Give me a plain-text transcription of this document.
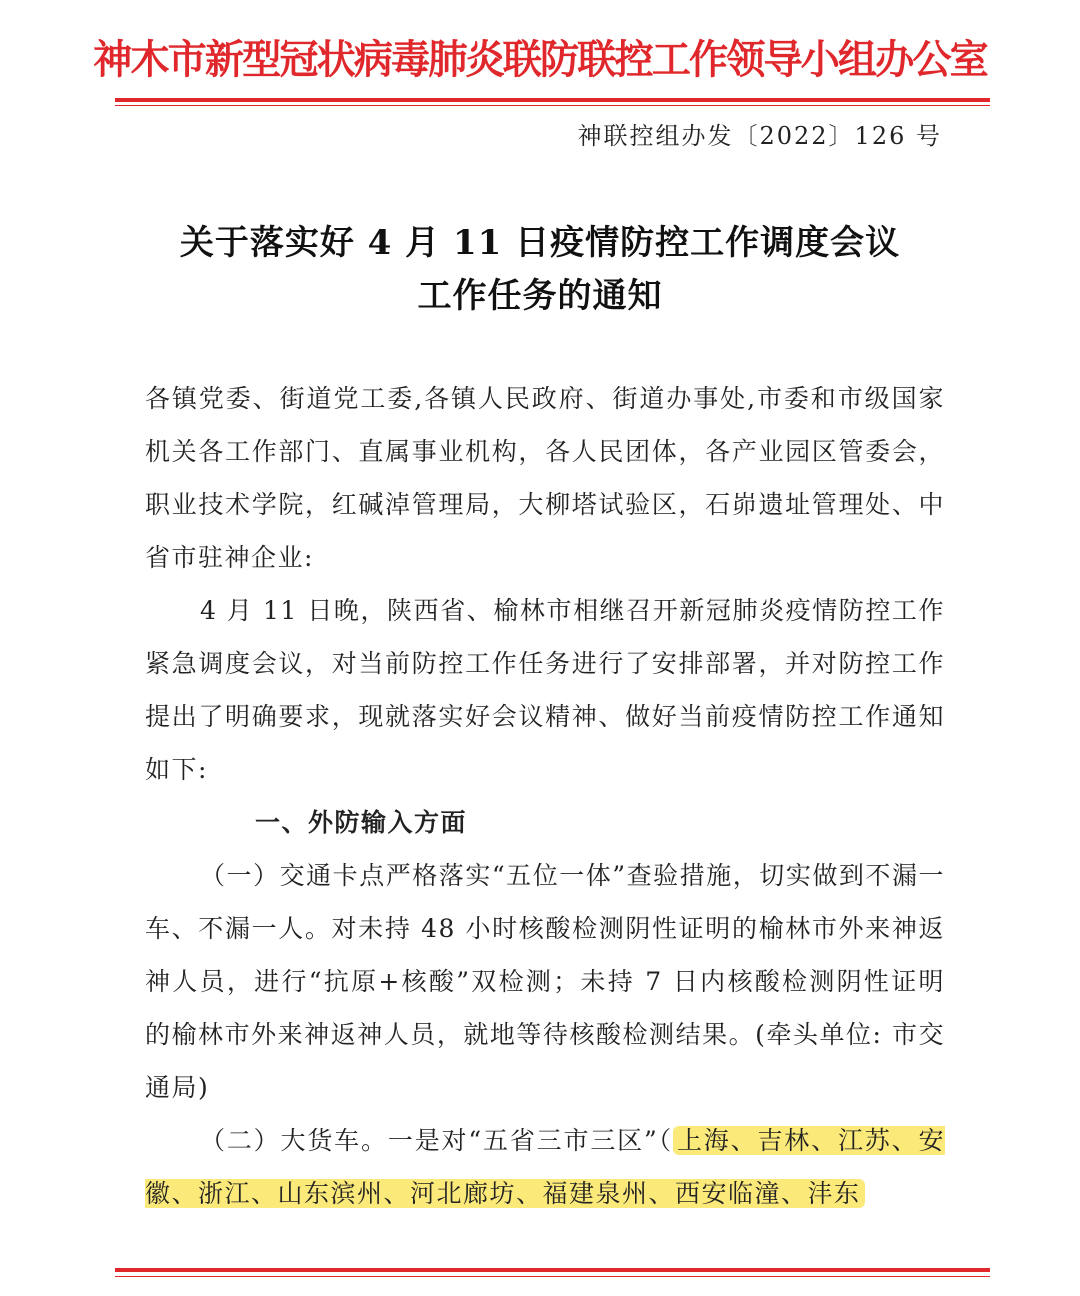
神木市新型冠状病毒肺炎联防联控工作领导小组办公室
神联控组办发〔2022〕126 号
关于落实好 4 月 11 日疫情防控工作调度会议
工作任务的通知

各镇党委、街道党工委,各镇人民政府、街道办事处,市委和市级国家机关各工作部门、直属事业机构，各人民团体，各产业园区管委会，职业技术学院，红碱淖管理局，大柳塔试验区，石峁遗址管理处、中省市驻神企业:

4 月 11 日晚，陕西省、榆林市相继召开新冠肺炎疫情防控工作紧急调度会议，对当前防控工作任务进行了安排部署，并对防控工作提出了明确要求，现就落实好会议精神、做好当前疫情防控工作通知如下:

一、外防输入方面

（一）交通卡点严格落实“五位一体”查验措施，切实做到不漏一车、不漏一人。对未持 48 小时核酸检测阴性证明的榆林市外来神返神人员，进行“抗原+核酸”双检测；未持 7 日内核酸检测阴性证明的榆林市外来神返神人员，就地等待核酸检测结果。(牵头单位: 市交通局)

（二）大货车。一是对“五省三市三区”（ 上海、吉林、江苏、安徽、浙江、山东滨州、河北廊坊、福建泉州、西安临潼、沣东
